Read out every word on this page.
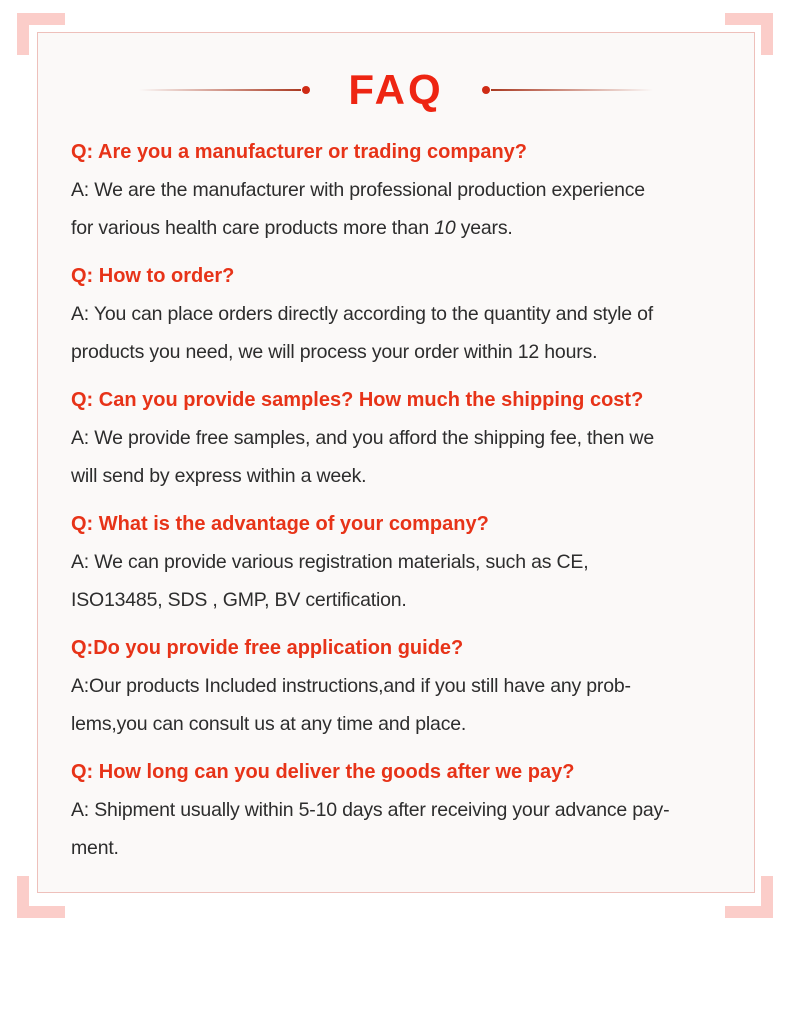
FAQ
Q: Are you a manufacturer or trading company?
A: We are the manufacturer with professional production experience
for various health care products more than 10 years.
Q: How to order?
A: You can place orders directly according to the quantity and style of
products you need, we will process your order within 12 hours.
Q: Can you provide samples? How much the shipping cost?
A: We provide free samples, and you afford the shipping fee, then we
will send by express within a week.
Q: What is the advantage of your company?
A: We can provide various registration materials, such as CE,
ISO13485, SDS , GMP, BV certification.
Q:Do you provide free application guide?
A:Our products Included instructions,and if you still have any prob-
lems,you can consult us at any time and place.
Q: How long can you deliver the goods after we pay?
A: Shipment usually within 5-10 days after receiving your advance pay-
ment.
